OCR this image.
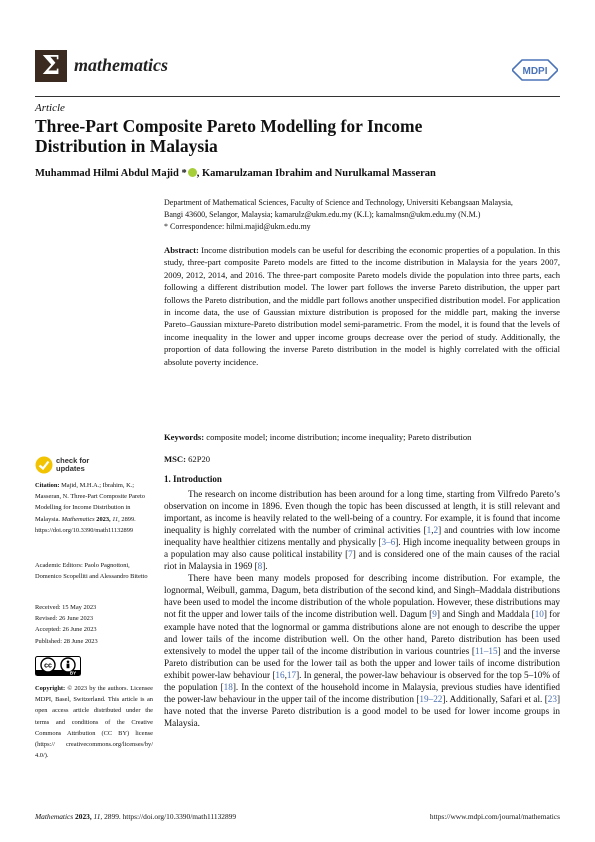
Σ mathematics	MDPI
Article
Three-Part Composite Pareto Modelling for Income Distribution in Malaysia
Muhammad Hilmi Abdul Majid * , Kamarulzaman Ibrahim and Nurulkamal Masseran
Department of Mathematical Sciences, Faculty of Science and Technology, Universiti Kebangsaan Malaysia,
Bangi 43600, Selangor, Malaysia; kamarulz@ukm.edu.my (K.I.); kamalmsn@ukm.edu.my (N.M.)
* Correspondence: hilmi.majid@ukm.edu.my
Abstract: Income distribution models can be useful for describing the economic properties of a population. In this study, three-part composite Pareto models are fitted to the income distribution in Malaysia for the years 2007, 2009, 2012, 2014, and 2016. The three-part composite Pareto models divide the population into three parts, each following a different distribution model. The lower part follows the inverse Pareto distribution, the upper part follows the Pareto distribution, and the middle part follows another unspecified distribution model. For application in income data, the use of Gaussian mixture distribution is proposed for the middle part, making the inverse Pareto–Gaussian mixture-Pareto distribution model semi-parametric. From the model, it is found that the levels of income inequality in the lower and upper income groups decrease over the period of study. Additionally, the proportion of data following the inverse Pareto distribution in the model is highly correlated with the official absolute poverty incidence.
Keywords: composite model; income distribution; income inequality; Pareto distribution
MSC: 62P20
check for
updates
Citation: Majid, M.H.A.; Ibrahim, K.; Masseran, N. Three-Part Composite Pareto Modelling for Income Distribution in Malaysia. Mathematics 2023, 11, 2899. https://doi.org/10.3390/math11132899
Academic Editors: Paolo Pagnottoni, Domenico Scopelliti and Alessandro Bitetto
Received: 15 May 2023
Revised: 26 June 2023
Accepted: 26 June 2023
Published: 28 June 2023
cc
BY
Copyright: © 2023 by the authors. Licensee MDPI, Basel, Switzerland. This article is an open access article distributed under the terms and conditions of the Creative Commons Attribution (CC BY) license (https:// creativecommons.org/licenses/by/ 4.0/).
1. Introduction

The research on income distribution has been around for a long time, starting from Vilfredo Pareto’s observation on income in 1896. Even though the topic has been discussed at length, it is still relevant and important, as income is heavily related to the well-being of a country. For example, it is found that income inequality is highly correlated with the number of criminal activities [1,2] and countries with low income inequality have healthier citizens mentally and physically [3–6]. High income inequality between groups in a population may also cause political instability [7] and is considered one of the main causes of the racial riot in Malaysia in 1969 [8].

There have been many models proposed for describing income distribution. For example, the lognormal, Weibull, gamma, Dagum, beta distribution of the second kind, and Singh–Maddala distributions have been used to model the income distribution of the whole population. However, these distributions may not fit the upper and lower tails of the income distribution well. Dagum [9] and Singh and Maddala [10] for example have noted that the lognormal or gamma distributions alone are not enough to describe the upper and lower tails of the income distribution well. On the other hand, Pareto distribution has been used extensively to model the upper tail of the income distribution in various countries [11–15] and the inverse Pareto distribution can be used for the lower tail as both the upper and lower tails of income distribution exhibit power-law behaviour [16,17]. In general, the power-law behaviour is observed for the top 5–10% of the population [18]. In the context of the household income in Malaysia, previous studies have identified the power-law behaviour in the upper tail of the income distribution [19–22]. Additionally, Safari et al. [23] have noted that the inverse Pareto distribution is a good model to be used for lower income groups in Malaysia.

Mathematics 2023, 11, 2899. https://doi.org/10.3390/math11132899	https://www.mdpi.com/journal/mathematics
